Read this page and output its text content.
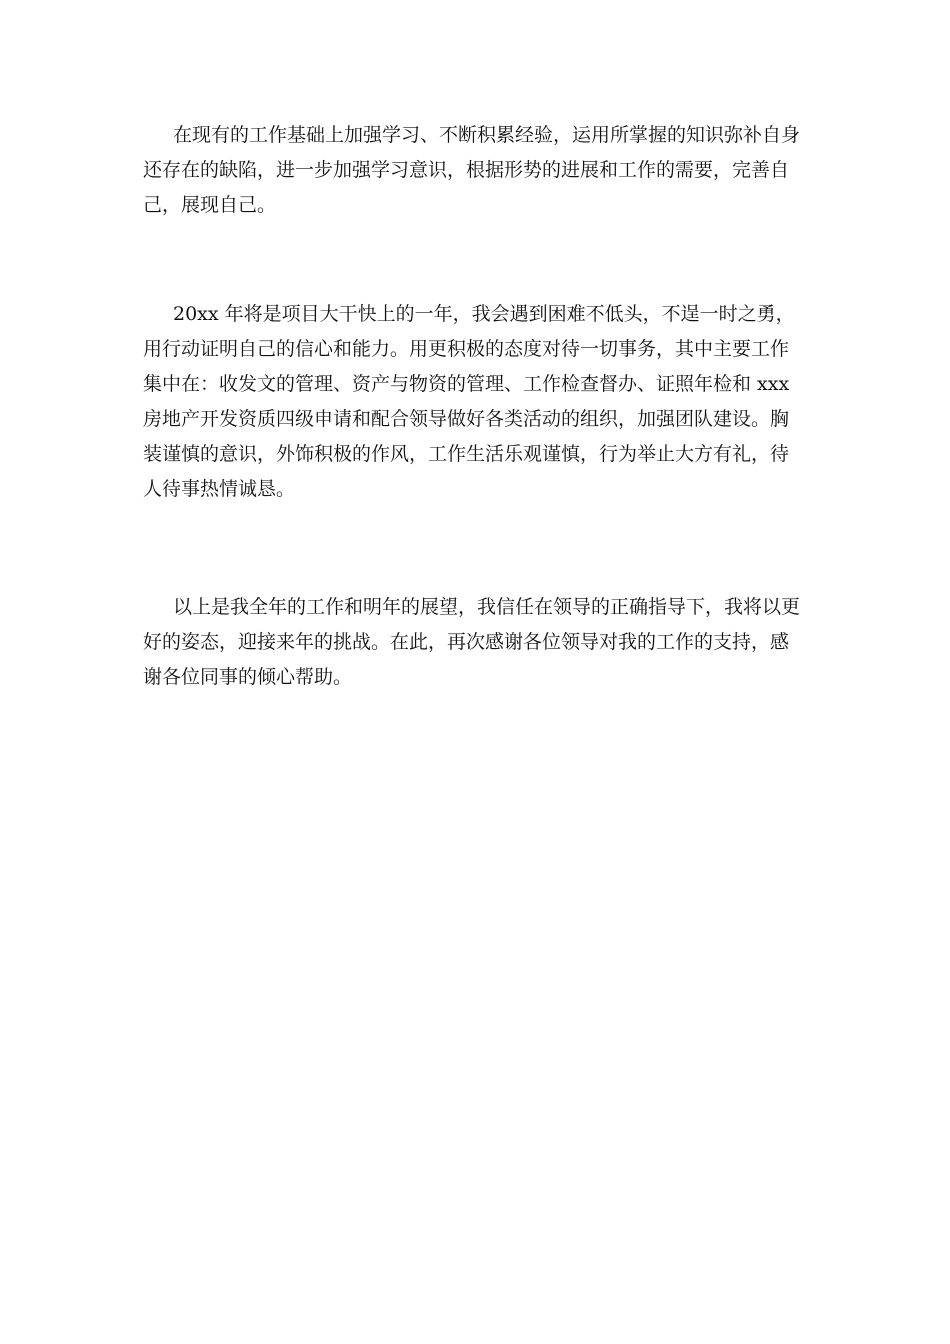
在现有的工作基础上加强学习、不断积累经验，运用所掌握的知识弥补自身
还存在的缺陷，进一步加强学习意识，根据形势的进展和工作的需要，完善自
己，展现自己。
20xx 年将是项目大干快上的一年，我会遇到困难不低头，不逞一时之勇，
用行动证明自己的信心和能力。用更积极的态度对待一切事务，其中主要工作
集中在：收发文的管理、资产与物资的管理、工作检查督办、证照年检和 xxx
房地产开发资质四级申请和配合领导做好各类活动的组织，加强团队建设。胸
装谨慎的意识，外饰积极的作风，工作生活乐观谨慎，行为举止大方有礼，待
人待事热情诚恳。
以上是我全年的工作和明年的展望，我信任在领导的正确指导下，我将以更
好的姿态，迎接来年的挑战。在此，再次感谢各位领导对我的工作的支持，感
谢各位同事的倾心帮助。
